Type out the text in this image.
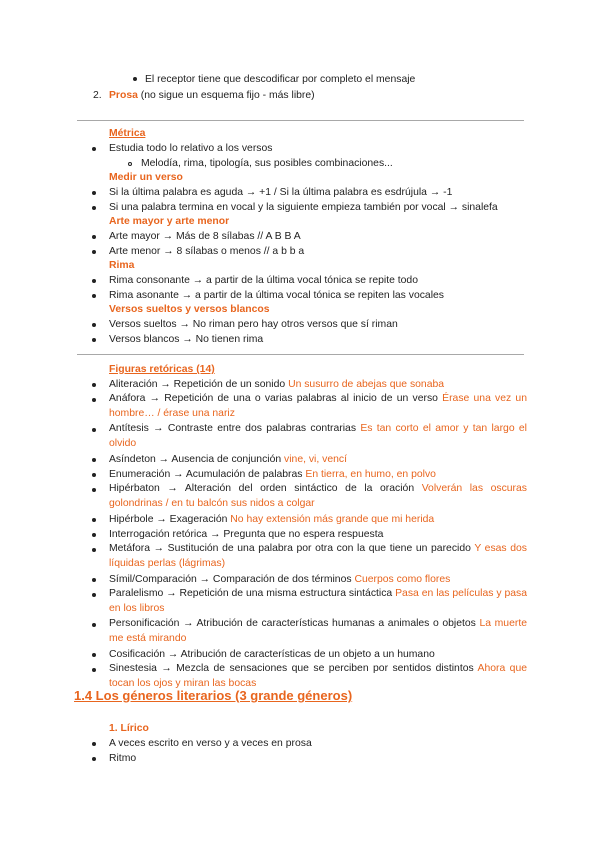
El receptor tiene que descodificar por completo el mensaje
2. Prosa (no sigue un esquema fijo - más libre)
Métrica
Estudia todo lo relativo a los versos
Melodía, rima, tipología, sus posibles combinaciones...
Medir un verso
Si la última palabra es aguda → +1 / Si la última palabra es esdrújula → -1
Si una palabra termina en vocal y la siguiente empieza también por vocal → sinalefa
Arte mayor y arte menor
Arte mayor → Más de 8 sílabas // A B B A
Arte menor → 8 sílabas o menos // a b b a
Rima
Rima consonante → a partir de la última vocal tónica se repite todo
Rima asonante → a partir de la última vocal tónica se repiten las vocales
Versos sueltos y versos blancos
Versos sueltos → No riman pero hay otros versos que sí riman
Versos blancos → No tienen rima
Figuras retóricas (14)
Aliteración → Repetición de un sonido Un susurro de abejas que sonaba
Anáfora → Repetición de una o varias palabras al inicio de un verso Érase una vez un hombre… / érase una nariz
Antítesis → Contraste entre dos palabras contrarias Es tan corto el amor y tan largo el olvido
Asíndeton → Ausencia de conjunción vine, vi, vencí
Enumeración → Acumulación de palabras En tierra, en humo, en polvo
Hipérbaton → Alteración del orden sintáctico de la oración Volverán las oscuras golondrinas / en tu balcón sus nidos a colgar
Hipérbole → Exageración No hay extensión más grande que mi herida
Interrogación retórica → Pregunta que no espera respuesta
Metáfora → Sustitución de una palabra por otra con la que tiene un parecido Y esas dos líquidas perlas (lágrimas)
Símil/Comparación → Comparación de dos términos Cuerpos como flores
Paralelismo → Repetición de una misma estructura sintáctica Pasa en las películas y pasa en los libros
Personificación → Atribución de características humanas a animales o objetos La muerte me está mirando
Cosificación → Atribución de características de un objeto a un humano
Sinestesia → Mezcla de sensaciones que se perciben por sentidos distintos Ahora que tocan los ojos y miran las bocas
1.4 Los géneros literarios (3 grande géneros)
1. Lírico
A veces escrito en verso y a veces en prosa
Ritmo
